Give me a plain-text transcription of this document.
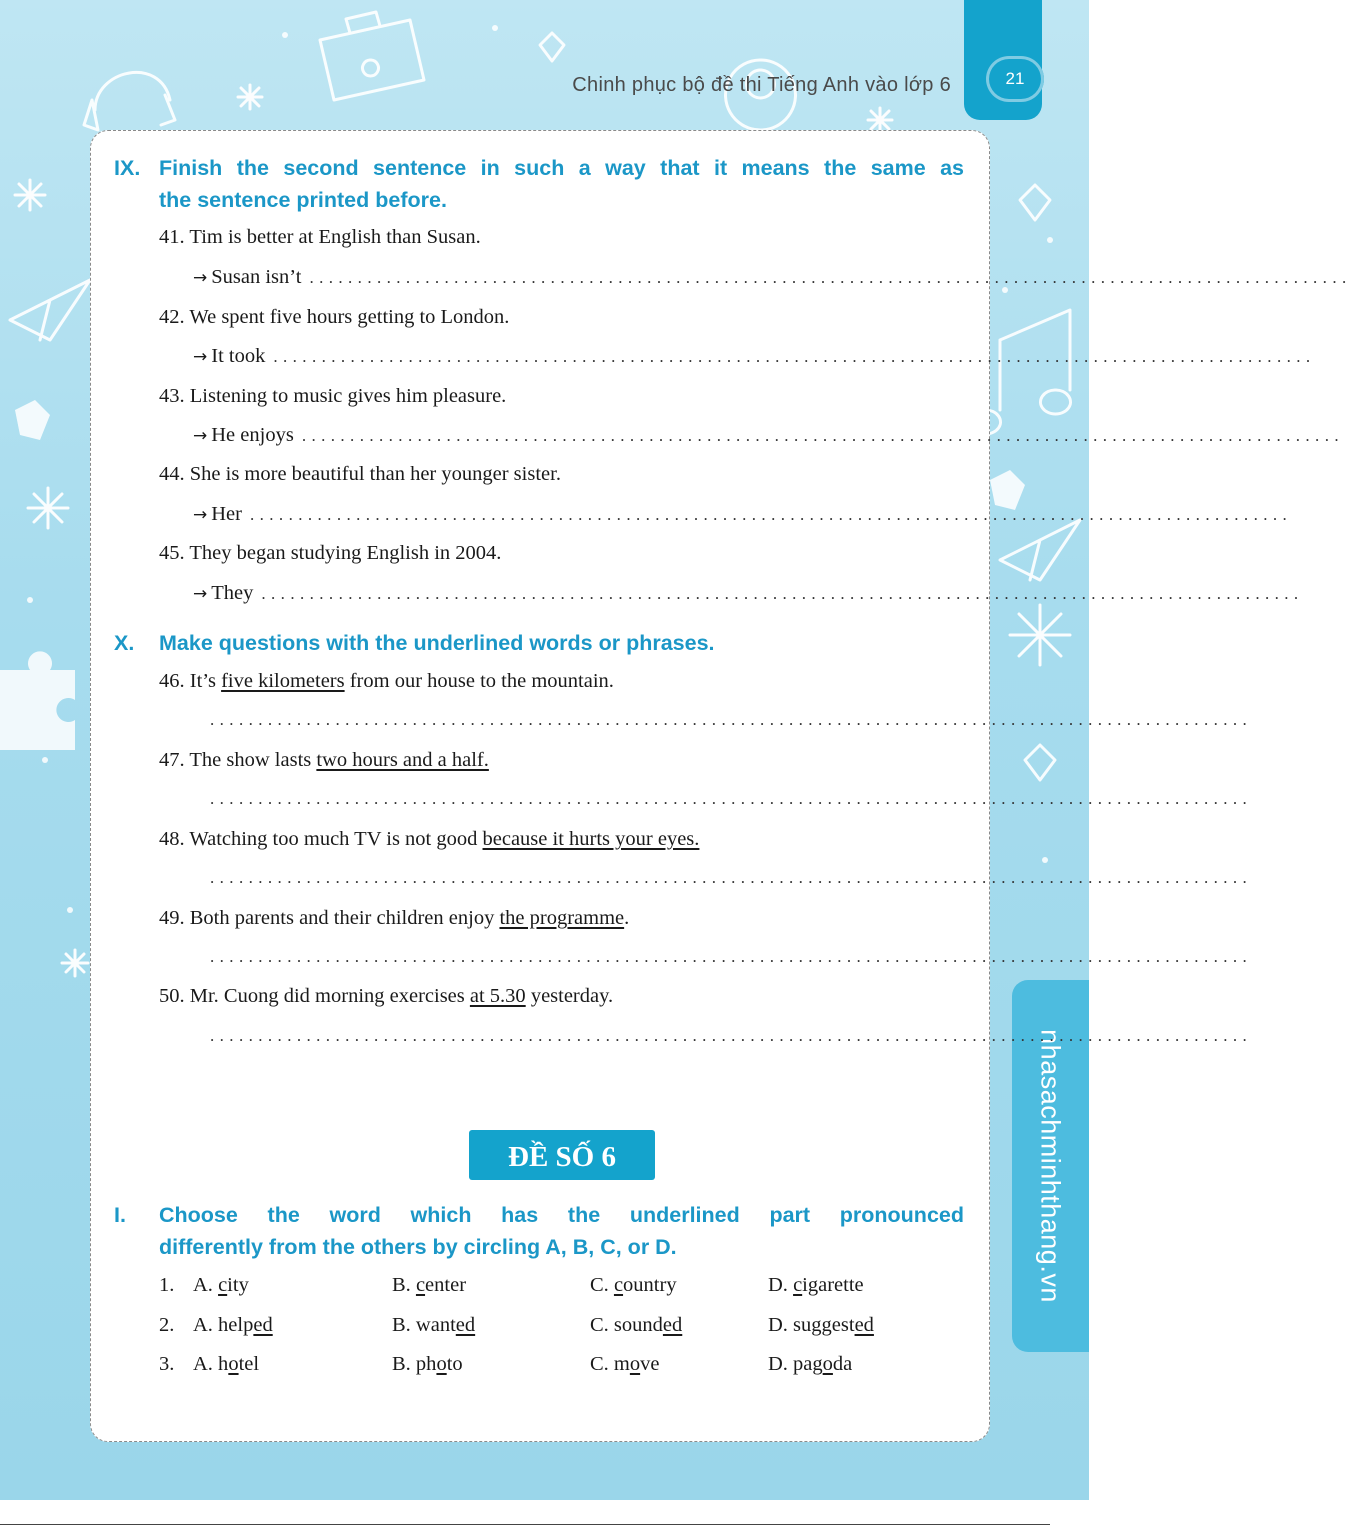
21
Chinh phục bộ đề thi Tiếng Anh vào lớp 6
nhasachminhthang.vn
IX. Finish the second sentence in such a way that it means the same as
the sentence printed before.
41. Tim is better at English than Susan.
→ Susan isn’t ............................................................................................................
42. We spent five hours getting to London.
→ It took ............................................................................................................
43. Listening to music gives him pleasure.
→ He enjoys ............................................................................................................
44. She is more beautiful than her younger sister.
→ Her ............................................................................................................
45. They began studying English in 2004.
→ They ............................................................................................................
X. Make questions with the underlined words or phrases.
46. It’s five kilometers from our house to the mountain.
............................................................................................................
47. The show lasts two hours and a half.
............................................................................................................
48. Watching too much TV is not good because it hurts your eyes.
............................................................................................................
49. Both parents and their children enjoy the programme.
............................................................................................................
50. Mr. Cuong did morning exercises at 5.30 yesterday.
............................................................................................................
ĐỀ SỐ 6
I. Choose the word which has the underlined part pronounced
differently from the others by circling A, B, C, or D.
1. A. city	B. center	C. country	D. cigarette
2. A. helped	B. wanted	C. sounded	D. suggested
3. A. hotel	B. photo	C. move	D. pagoda
